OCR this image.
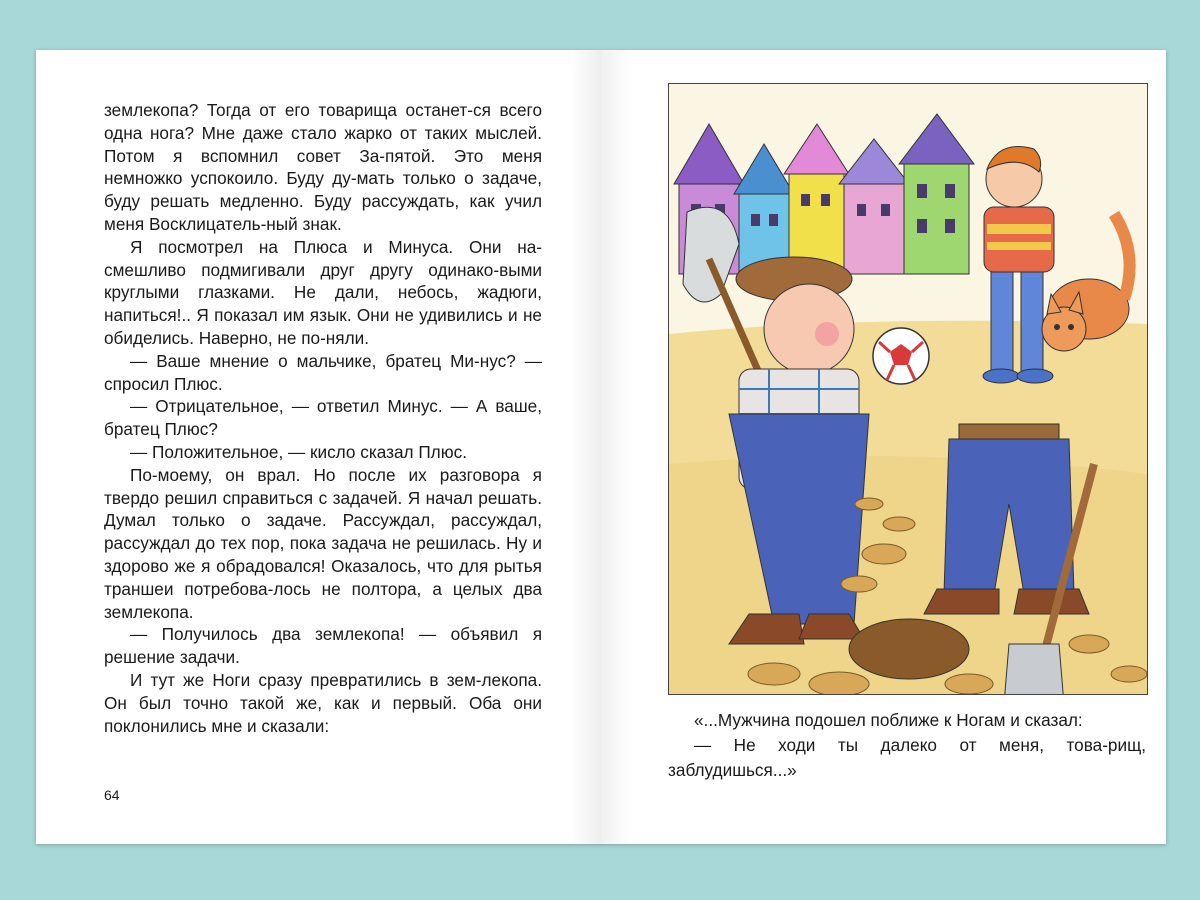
землекопа? Тогда от его товарища останет-ся всего одна нога? Мне даже стало жарко от таких мыслей. Потом я вспомнил совет За-пятой. Это меня немножко успокоило. Буду ду-мать только о задаче, буду решать медленно. Буду рассуждать, как учил меня Восклицатель-ный знак.

Я посмотрел на Плюса и Минуса. Они на-смешливо подмигивали друг другу одинако-выми круглыми глазками. Не дали, небось, жадюги, напиться!.. Я показал им язык. Они не удивились и не обиделись. Наверно, не по-няли.

— Ваше мнение о мальчике, братец Ми-нус? — спросил Плюс.

— Отрицательное, — ответил Минус. — А ваше, братец Плюс?

— Положительное, — кисло сказал Плюс.

По-моему, он врал. Но после их разговора я твердо решил справиться с задачей. Я начал решать. Думал только о задаче. Рассуждал, рассуждал, рассуждал до тех пор, пока задача не решилась. Ну и здорово же я обрадовался! Оказалось, что для рытья траншеи потребова-лось не полтора, а целых два землекопа.

— Получилось два землекопа! — объявил я решение задачи.

И тут же Ноги сразу превратились в зем-лекопа. Он был точно такой же, как и первый. Оба они поклонились мне и сказали:

64

«...Мужчина подошел поближе к Ногам и сказал:

— Не ходи ты далеко от меня, това-рищ, заблудишься...»
